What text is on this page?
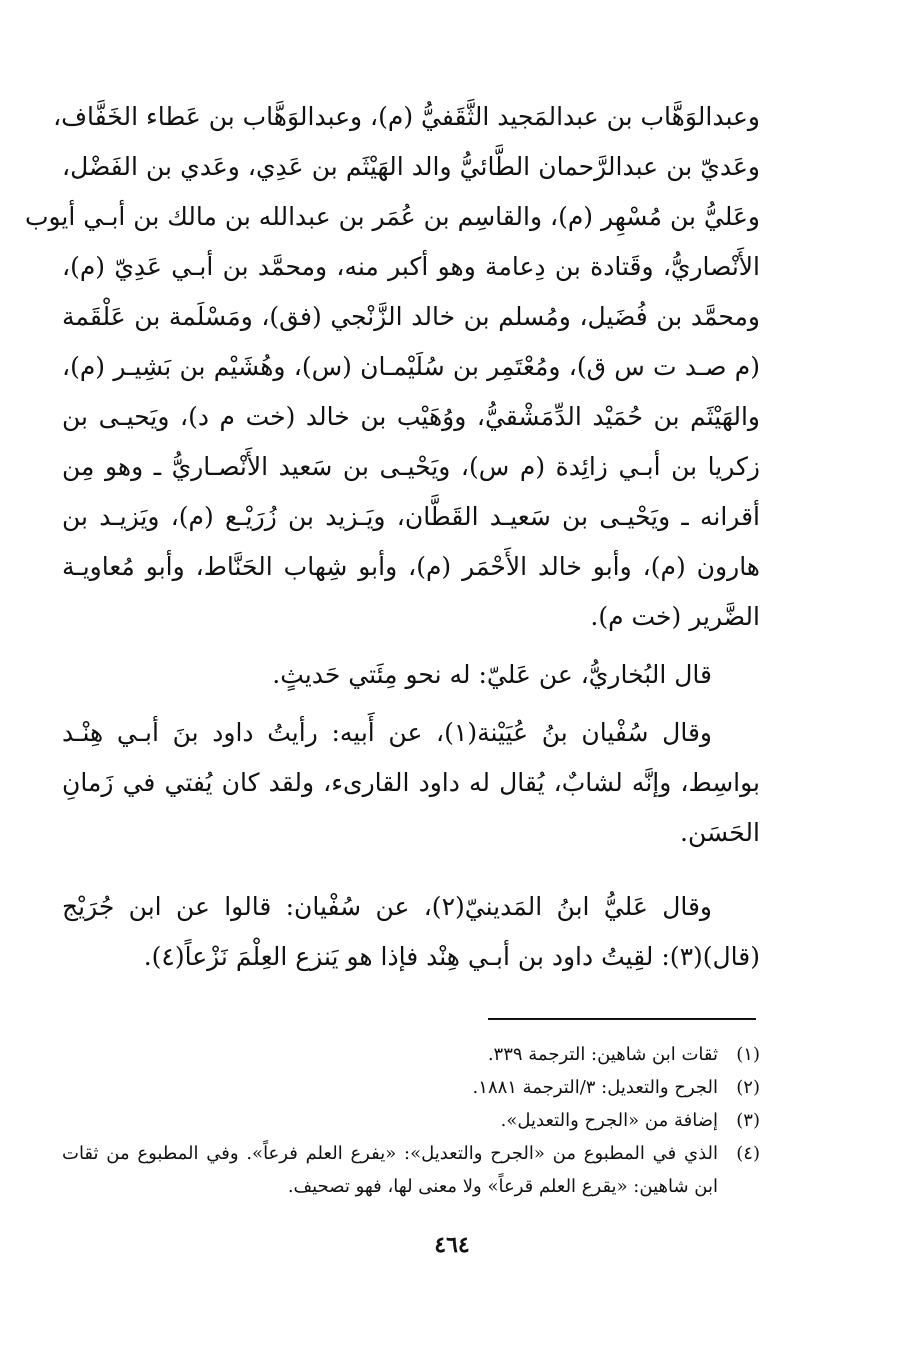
وعبدالوَهَّاب بن عبدالمَجيد الثَّقَفيُّ (م)، وعبدالوَهَّاب بن عَطاء الخَفَّاف،
وعَديّ بن عبدالرَّحمان الطَّائيُّ والد الهَيْثَم بن عَدِي، وعَدي بن الفَضْل،
وعَليُّ بن مُسْهِر (م)، والقاسِم بن عُمَر بن عبدالله بن مالك بن أبـي أيوب
الأَنْصاريُّ، وقَتادة بن دِعامة وهو أكبر منه، ومحمَّد بن أبـي عَدِيّ (م)،
ومحمَّد بن فُضَيل، ومُسلم بن خالد الزَّنْجي (فق)، ومَسْلَمة بن عَلْقَمة
(م صـد ت س ق)، ومُعْتَمِر بن سُلَيْمـان (س)، وهُشَيْم بن بَشِيـر (م)،
والهَيْثَم بن حُمَيْد الدِّمَشْقيُّ، ووُهَيْب بن خالد (خت م د)، ويَحيـى بن
زكريا بن أبـي زائِدة (م س)، ويَحْيـى بن سَعيد الأَنْصـاريُّ ـ وهو مِن
أقرانه ـ ويَحْيـى بن سَعيـد القَطَّان، ويَـزيد بن زُرَيْـع (م)، ويَزيـد بن
هارون (م)، وأبو خالد الأَحْمَر (م)، وأبو شِهاب الحَنَّاط، وأبو مُعاويـة
الضَّرير (خت م).
قال البُخاريُّ، عن عَليّ: له نحو مِئَتي حَديثٍ.
وقال سُفْيان بنُ عُيَيْنة(١)، عن أَبيه: رأيتُ داود بنَ أبـي هِنْـد
بواسِط، وإنَّه لشابٌ، يُقال له داود القارىء، ولقد كان يُفتي في زَمانِ
الحَسَن.
وقال عَليُّ ابنُ المَدينيّ(٢)، عن سُفْيان: قالوا عن ابن جُرَيْج
(قال)(٣): لقِيتُ داود بن أبـي هِنْد فإذا هو يَنزع العِلْمَ نَزْعاً(٤).
(١)
ثقات ابن شاهين: الترجمة ٣٣٩.
(٢)
الجرح والتعديل: ٣/الترجمة ١٨٨١.
(٣)
إضافة من «الجرح والتعديل».
(٤)
الذي في المطبوع من «الجرح والتعديل»: «يفرع العلم فرعاً». وفي المطبوع من ثقات
ابن شاهين: «يقرع العلم قرعاً» ولا معنى لها، فهو تصحيف.
٤٦٤
